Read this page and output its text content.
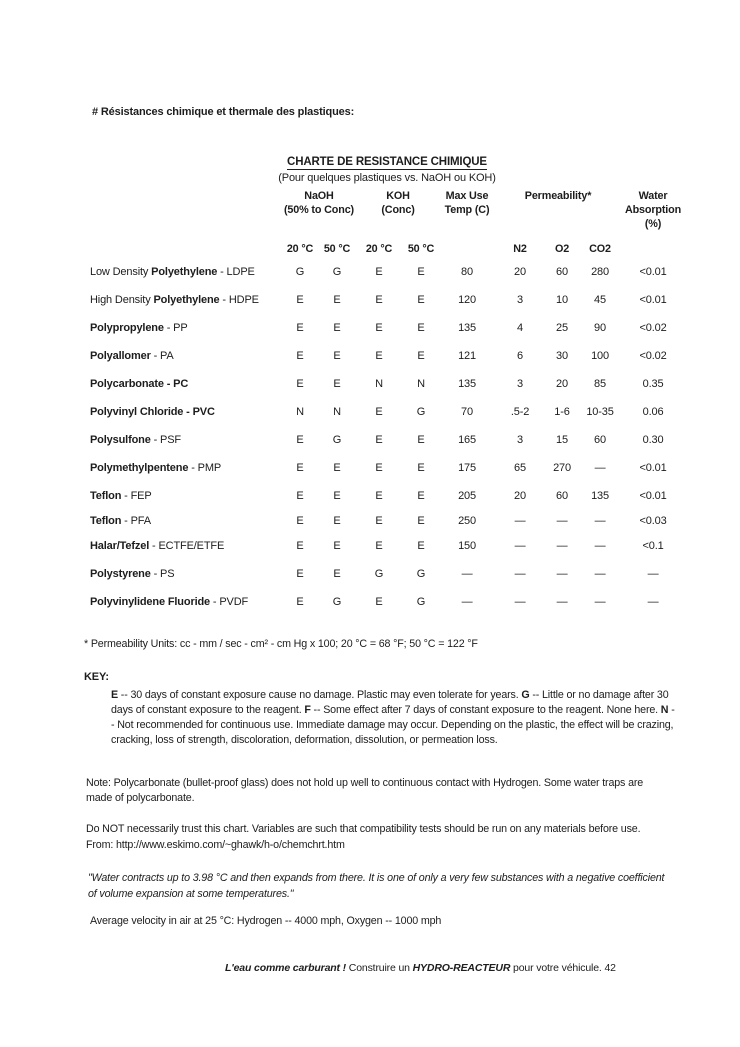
# Résistances chimique et thermale des plastiques:
CHARTE DE RESISTANCE CHIMIQUE
(Pour quelques plastiques vs. NaOH ou KOH)
	NaOH		KOH		Max Use	Permeability*			Water
	(50% to Conc)		(Conc)		Temp (C)				Absorption
									(%)
	20 °C	50 °C	20 °C	50 °C		N2	O2	CO2	
Low Density Polyethylene - LDPE	G	G	E	E	80	20	60	280	<0.01
High Density Polyethylene - HDPE	E	E	E	E	120	3	10	45	<0.01
Polypropylene - PP	E	E	E	E	135	4	25	90	<0.02
Polyallomer - PA	E	E	E	E	121	6	30	100	<0.02
Polycarbonate - PC	E	E	N	N	135	3	20	85	0.35
Polyvinyl Chloride - PVC	N	N	E	G	70	.5-2	1-6	10-35	0.06
Polysulfone - PSF	E	G	E	E	165	3	15	60	0.30
Polymethylpentene - PMP	E	E	E	E	175	65	270	—	<0.01
Teflon - FEP	E	E	E	E	205	20	60	135	<0.01
Teflon - PFA	E	E	E	E	250	—	—	—	<0.03
Halar/Tefzel - ECTFE/ETFE	E	E	E	E	150	—	—	—	<0.1
Polystyrene - PS	E	E	G	G	—	—	—	—	—
Polyvinylidene Fluoride - PVDF	E	G	E	G	—	—	—	—	—
* Permeability Units: cc - mm / sec - cm² - cm Hg x 100; 20 °C = 68 °F; 50 °C = 122 °F
KEY:
E -- 30 days of constant exposure cause no damage. Plastic may even tolerate for years. G -- Little or no damage after 30 days of constant exposure to the reagent. F -- Some effect after 7 days of constant exposure to the reagent. None here. N -- Not recommended for continuous use. Immediate damage may occur. Depending on the plastic, the effect will be crazing, cracking, loss of strength, discoloration, deformation, dissolution, or permeation loss.
Note: Polycarbonate (bullet-proof glass) does not hold up well to continuous contact with Hydrogen. Some water traps are made of polycarbonate.
Do NOT necessarily trust this chart. Variables are such that compatibility tests should be run on any materials before use. From: http://www.eskimo.com/~ghawk/h-o/chemchrt.htm
"Water contracts up to 3.98 °C and then expands from there. It is one of only a very few substances with a negative coefficient of volume expansion at some temperatures."
Average velocity in air at 25 °C: Hydrogen -- 4000 mph, Oxygen -- 1000 mph
L'eau comme carburant ! Construire un HYDRO-REACTEUR pour votre véhicule. 42
